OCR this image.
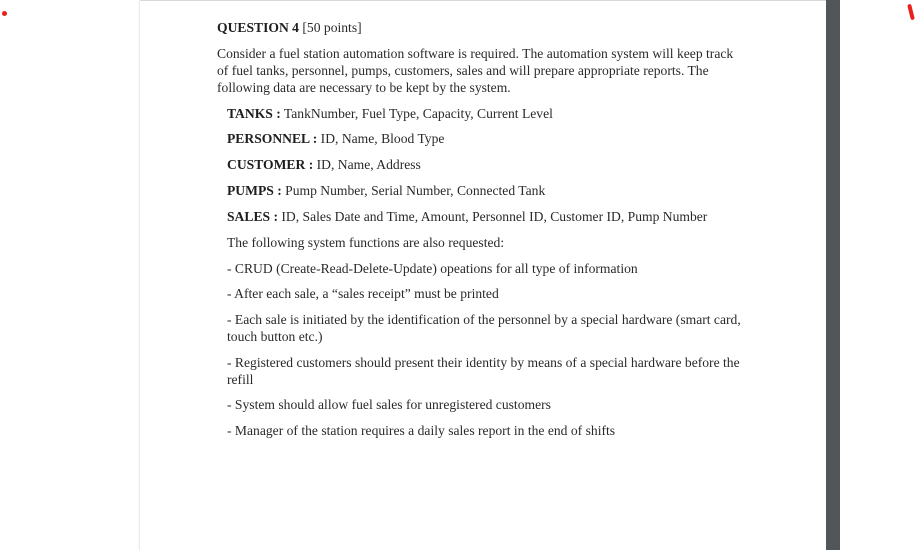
QUESTION 4 [50 points]
Consider a fuel station automation software is required. The automation system will keep track of fuel tanks, personnel, pumps, customers, sales and will prepare appropriate reports. The following data are necessary to be kept by the system.
TANKS : TankNumber, Fuel Type, Capacity, Current Level
PERSONNEL : ID, Name, Blood Type
CUSTOMER : ID, Name, Address
PUMPS : Pump Number, Serial Number, Connected Tank
SALES : ID, Sales Date and Time, Amount, Personnel ID, Customer ID, Pump Number
The following system functions are also requested:
- CRUD (Create-Read-Delete-Update) opeations for all type of information
- After each sale, a “sales receipt” must be printed
- Each sale is initiated by the identification of the personnel by a special hardware (smart card, touch button etc.)
- Registered customers should present their identity by means of a special hardware before the refill
- System should allow fuel sales for unregistered customers
- Manager of the station requires a daily sales report in the end of shifts
